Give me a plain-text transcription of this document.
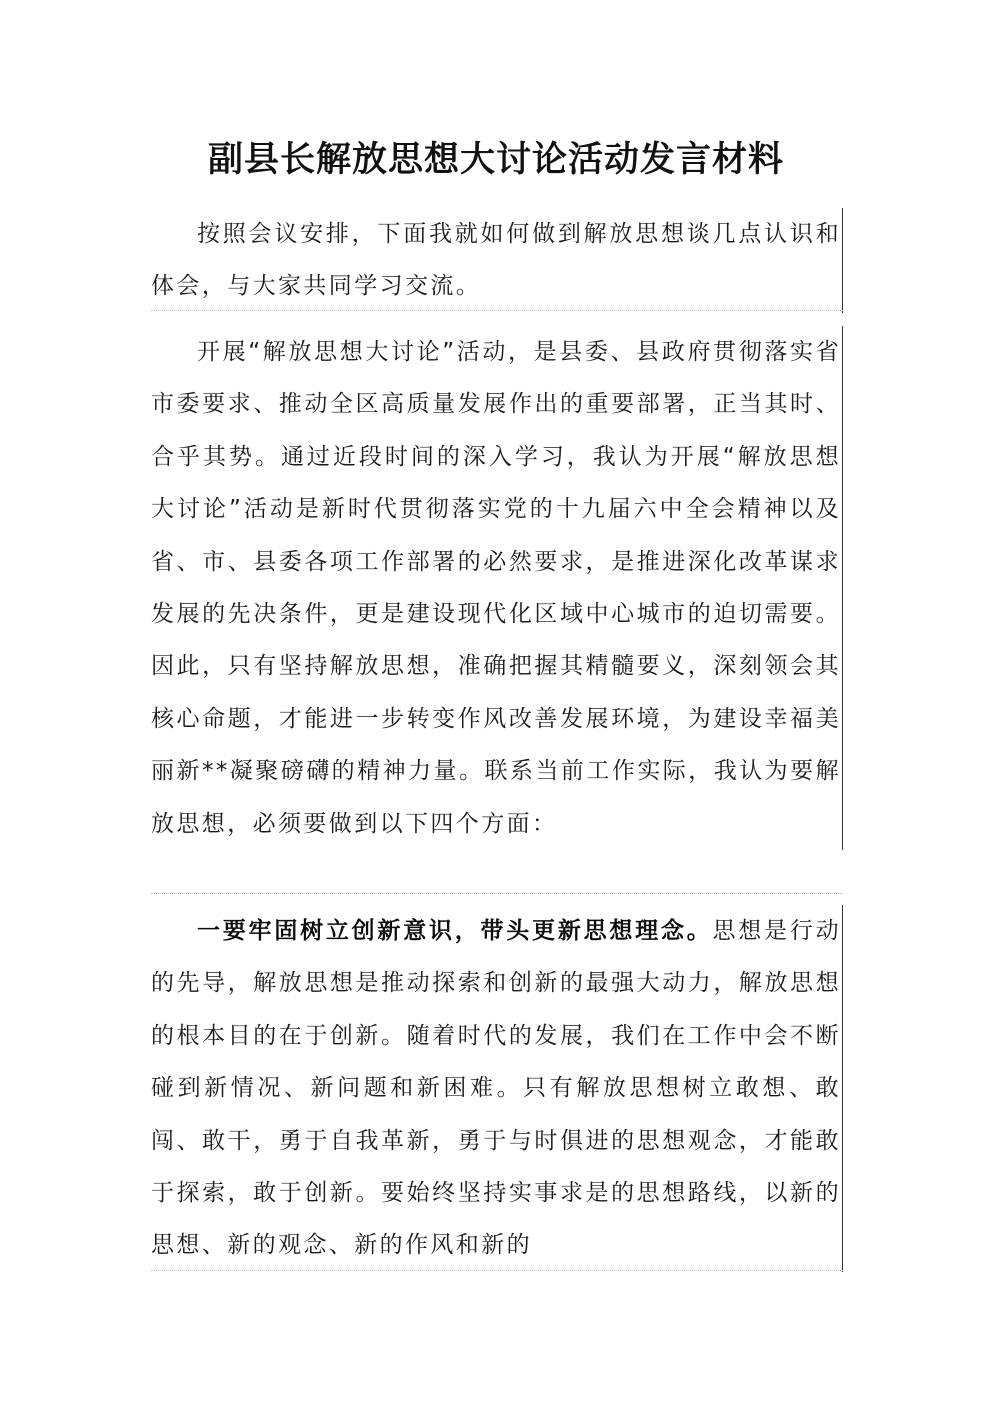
副县长解放思想大讨论活动发言材料

按照会议安排，下面我就如何做到解放思想谈几点认识和体会，与大家共同学习交流。

开展“解放思想大讨论”活动，是县委、县政府贯彻落实省市委要求、推动全区高质量发展作出的重要部署，正当其时、合乎其势。通过近段时间的深入学习，我认为开展“解放思想大讨论”活动是新时代贯彻落实党的十九届六中全会精神以及省、市、县委各项工作部署的必然要求，是推进深化改革谋求发展的先决条件，更是建设现代化区域中心城市的迫切需要。因此，只有坚持解放思想，准确把握其精髓要义，深刻领会其核心命题，才能进一步转变作风改善发展环境，为建设幸福美丽新**凝聚磅礴的精神力量。联系当前工作实际，我认为要解放思想，必须要做到以下四个方面：

一要牢固树立创新意识，带头更新思想理念。思想是行动的先导，解放思想是推动探索和创新的最强大动力，解放思想的根本目的在于创新。随着时代的发展，我们在工作中会不断碰到新情况、新问题和新困难。只有解放思想树立敢想、敢闯、敢干，勇于自我革新，勇于与时俱进的思想观念，才能敢于探索，敢于创新。要始终坚持实事求是的思想路线，以新的思想、新的观念、新的作风和新的
